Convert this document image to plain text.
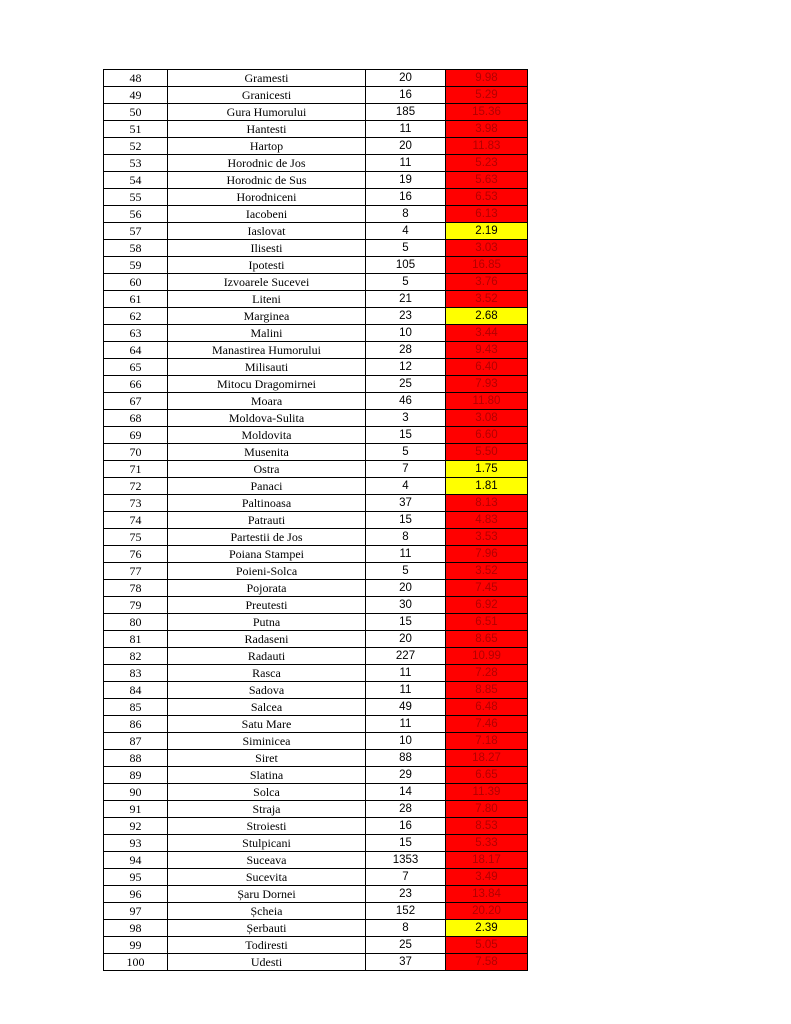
48	Gramesti	20	9.98
49	Granicesti	16	5.29
50	Gura Humorului	185	15.36
51	Hantesti	11	3.98
52	Hartop	20	11.83
53	Horodnic de Jos	11	5.23
54	Horodnic de Sus	19	5.63
55	Horodniceni	16	6.53
56	Iacobeni	8	6.13
57	Iaslovat	4	2.19
58	Ilisesti	5	3.03
59	Ipotesti	105	16.85
60	Izvoarele Sucevei	5	3.76
61	Liteni	21	3.52
62	Marginea	23	2.68
63	Malini	10	3.44
64	Manastirea Humorului	28	9.43
65	Milisauti	12	6.40
66	Mitocu Dragomirnei	25	7.93
67	Moara	46	11.80
68	Moldova-Sulita	3	3.08
69	Moldovita	15	6.60
70	Musenita	5	5.50
71	Ostra	7	1.75
72	Panaci	4	1.81
73	Paltinoasa	37	8.13
74	Patrauti	15	4.83
75	Partestii de Jos	8	3.53
76	Poiana Stampei	11	7.96
77	Poieni-Solca	5	3.52
78	Pojorata	20	7.45
79	Preutesti	30	6.92
80	Putna	15	6.51
81	Radaseni	20	8.65
82	Radauti	227	10.99
83	Rasca	11	7.28
84	Sadova	11	8.85
85	Salcea	49	6.48
86	Satu Mare	11	7.46
87	Siminicea	10	7.18
88	Siret	88	18.27
89	Slatina	29	6.65
90	Solca	14	11.39
91	Straja	28	7.80
92	Stroiesti	16	8.53
93	Stulpicani	15	5.33
94	Suceava	1353	18.17
95	Sucevita	7	3.49
96	Șaru Dornei	23	13.84
97	Șcheia	152	20.20
98	Șerbauti	8	2.39
99	Todiresti	25	5.05
100	Udesti	37	7.58
